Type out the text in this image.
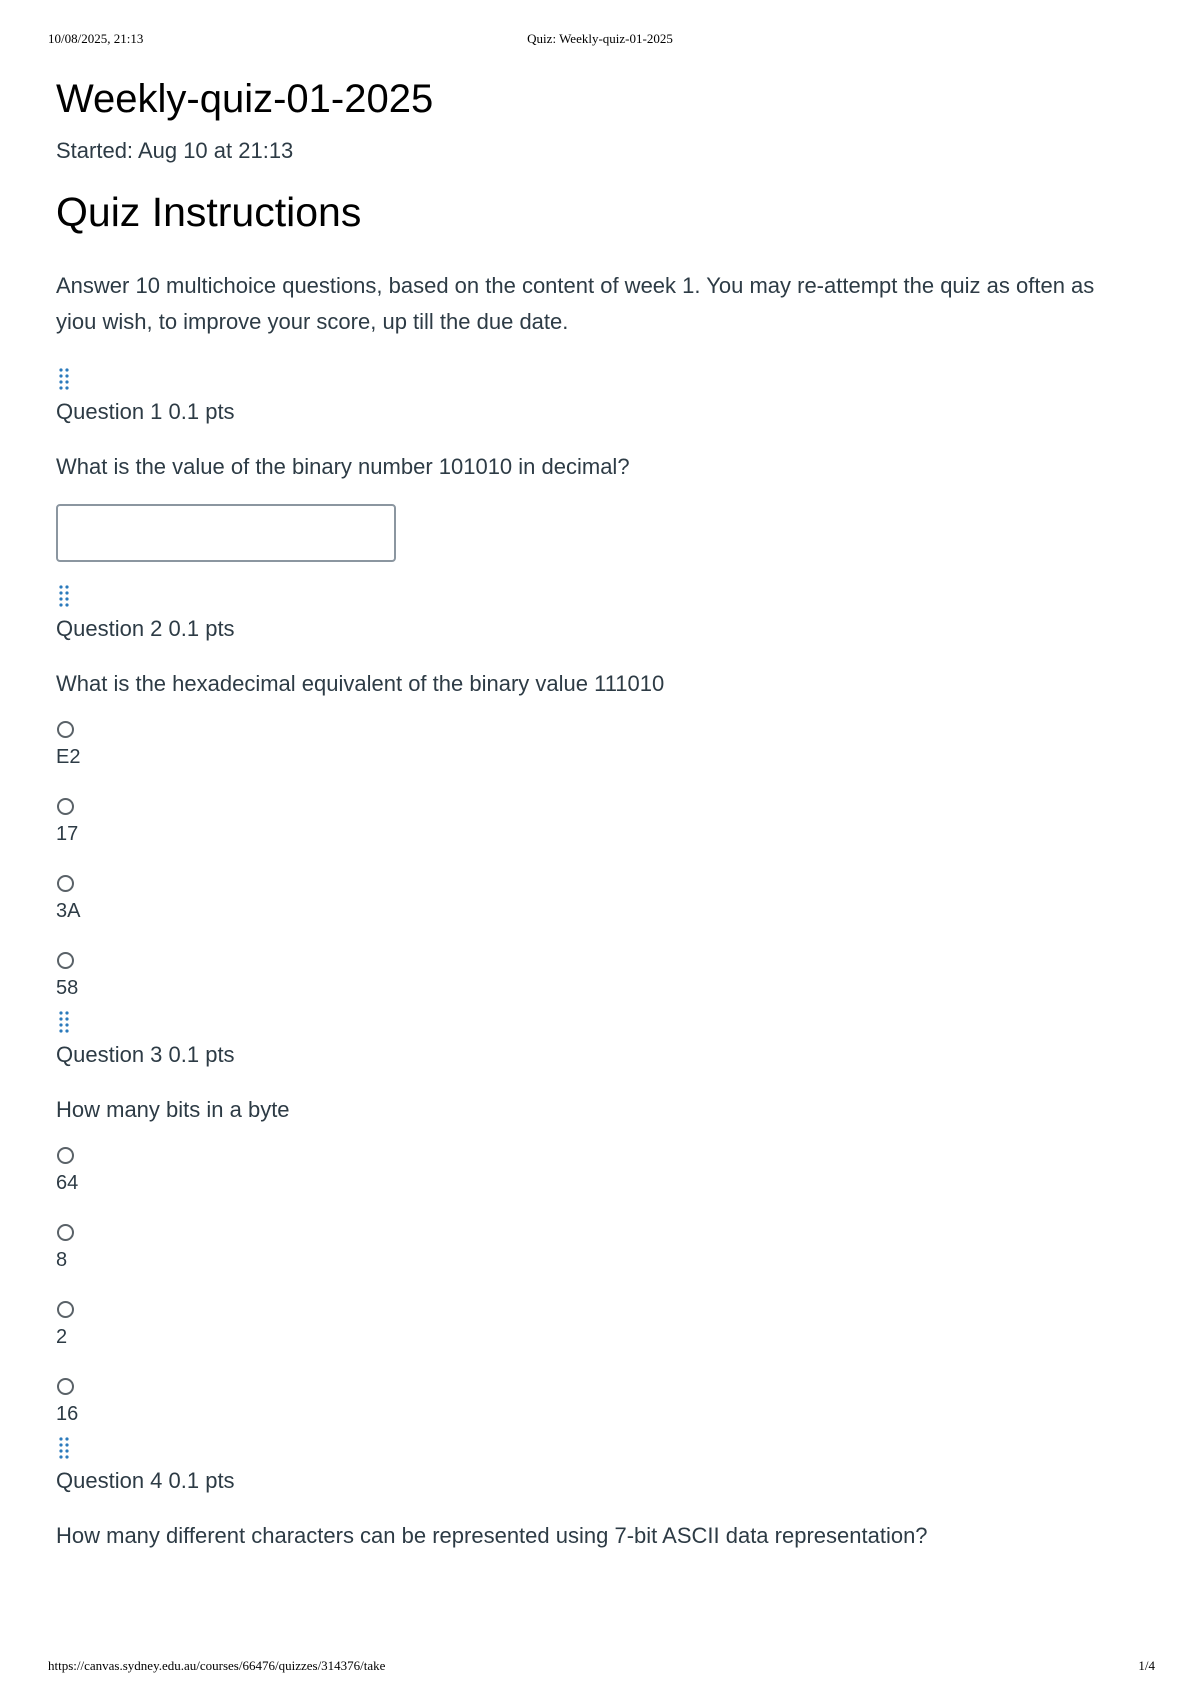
10/08/2025, 21:13	Quiz: Weekly-quiz-01-2025
Weekly-quiz-01-2025
Started: Aug 10 at 21:13
Quiz Instructions
Answer 10 multichoice questions, based on the content of week 1. You may re-attempt the quiz as often as yiou wish, to improve your score, up till the due date.
Question 1 0.1 pts
What is the value of the binary number 101010 in decimal?
Question 2 0.1 pts
What is the hexadecimal equivalent of the binary value 111010
E2
17
3A
58
Question 3 0.1 pts
How many bits in a byte
64
8
2
16
Question 4 0.1 pts
How many different characters can be represented using 7-bit ASCII data representation?
https://canvas.sydney.edu.au/courses/66476/quizzes/314376/take	1/4
